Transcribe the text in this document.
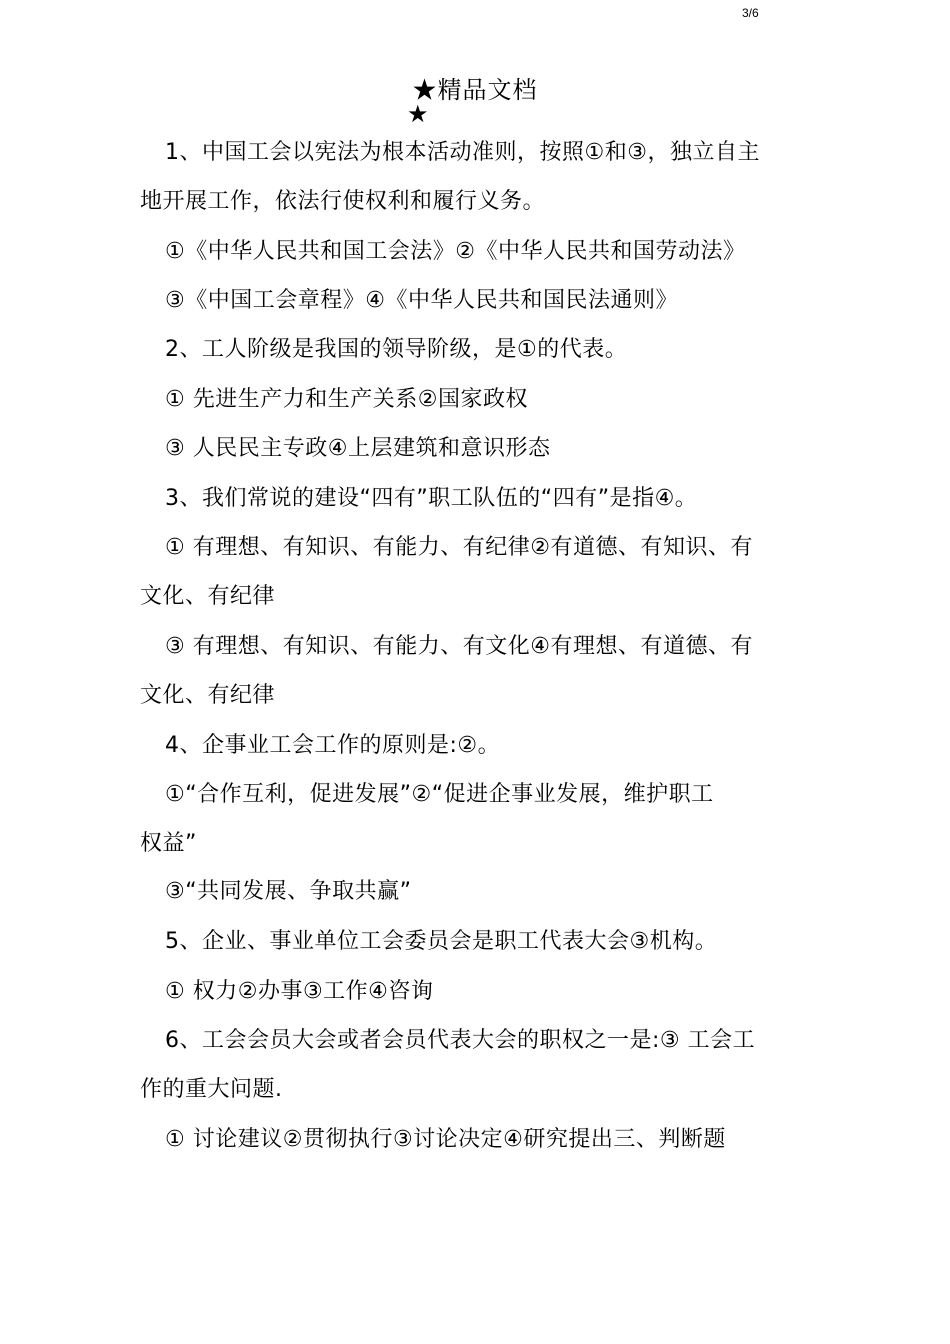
3/6
★精品文档
★
1、中国工会以宪法为根本活动准则，按照①和③，独立自主
地开展工作，依法行使权利和履行义务。
①《中华人民共和国工会法》②《中华人民共和国劳动法》
③《中国工会章程》④《中华人民共和国民法通则》
2、工人阶级是我国的领导阶级，是①的代表。
① 先进生产力和生产关系②国家政权
③ 人民民主专政④上层建筑和意识形态
3、我们常说的建设“四有”职工队伍的“四有”是指④。
① 有理想、有知识、有能力、有纪律②有道德、有知识、有
文化、有纪律
③ 有理想、有知识、有能力、有文化④有理想、有道德、有
文化、有纪律
4、企事业工会工作的原则是:②。
①“合作互利，促进发展”②“促进企事业发展，维护职工
权益”
③“共同发展、争取共赢”
5、企业、事业单位工会委员会是职工代表大会③机构。
① 权力②办事③工作④咨询
6、工会会员大会或者会员代表大会的职权之一是:③ 工会工
作的重大问题.
① 讨论建议②贯彻执行③讨论决定④研究提出三、判断题
